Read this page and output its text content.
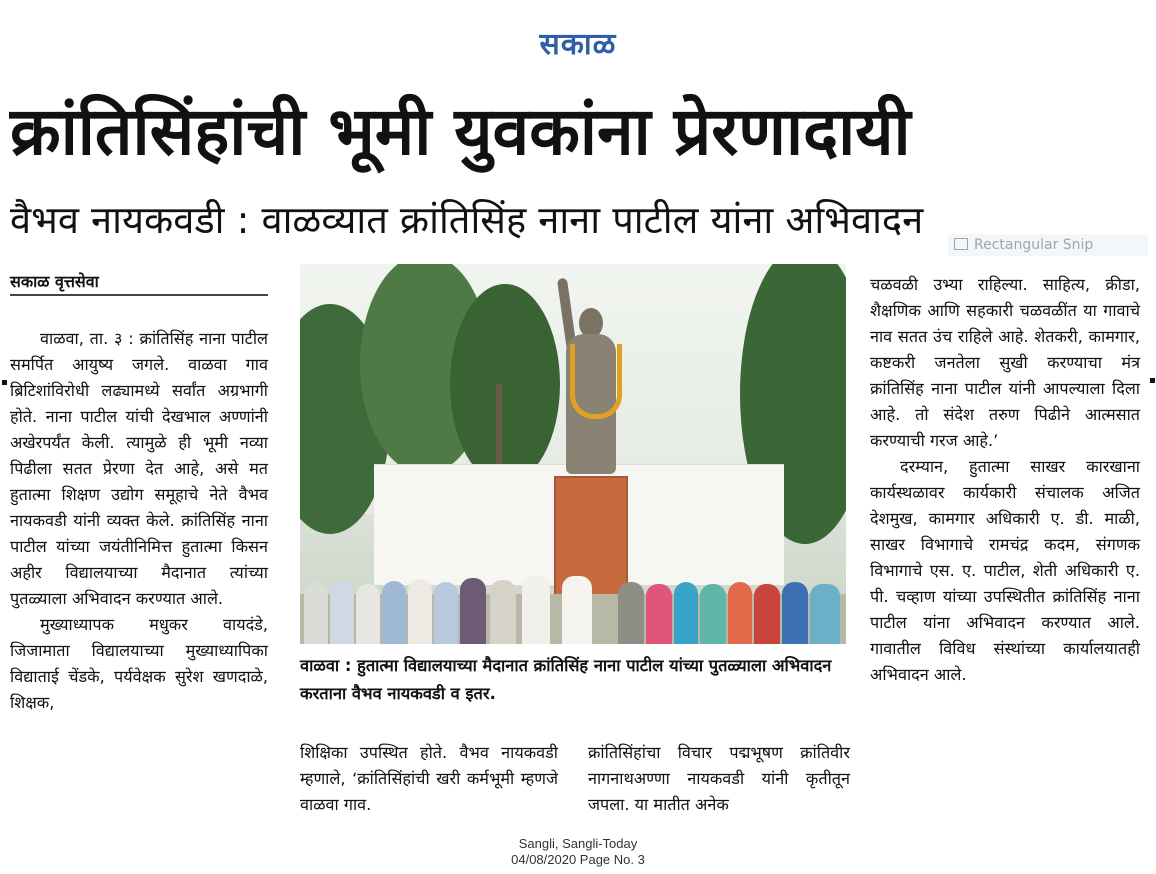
सकाळ
क्रांतिसिंहांची भूमी युवकांना प्रेरणादायी
वैभव नायकवडी : वाळव्यात क्रांतिसिंह नाना पाटील यांना अभिवादन
Rectangular Snip
सकाळ वृत्तसेवा

वाळवा, ता. ३ : क्रांतिसिंह नाना पाटील समर्पित आयुष्य जगले. वाळवा गाव ब्रिटिशांविरोधी लढ्यामध्ये सर्वांत अग्रभागी होते. नाना पाटील यांची देखभाल अण्णांनी अखेरपर्यंत केली. त्यामुळे ही भूमी नव्या पिढीला सतत प्रेरणा देत आहे, असे मत हुतात्मा शिक्षण उद्योग समूहाचे नेते वैभव नायकवडी यांनी व्यक्त केले. क्रांतिसिंह नाना पाटील यांच्या जयंतीनिमित्त हुतात्मा किसन अहीर विद्यालयाच्या मैदानात त्यांच्या पुतळ्याला अभिवादन करण्यात आले.

मुख्याध्यापक मधुकर वायदंडे, जिजामाता विद्यालयाच्या मुख्याध्यापिका विद्याताई चेंडके, पर्यवेक्षक सुरेश खणदाळे, शिक्षक,

वाळवा : हुतात्मा विद्यालयाच्या मैदानात क्रांतिसिंह नाना पाटील यांच्या पुतळ्याला अभिवादन करताना वैभव नायकवडी व इतर.

शिक्षिका उपस्थित होते. वैभव नायकवडी म्हणाले, ‘क्रांतिसिंहांची खरी कर्मभूमी म्हणजे वाळवा गाव.

क्रांतिसिंहांचा विचार पद्मभूषण क्रांतिवीर नागनाथअण्णा नायकवडी यांनी कृतीतून जपला. या मातीत अनेक

चळवळी उभ्या राहिल्या. साहित्य, क्रीडा, शैक्षणिक आणि सहकारी चळवळींत या गावाचे नाव सतत उंच राहिले आहे. शेतकरी, कामगार, कष्टकरी जनतेला सुखी करण्याचा मंत्र क्रांतिसिंह नाना पाटील यांनी आपल्याला दिला आहे. तो संदेश तरुण पिढीने आत्मसात करण्याची गरज आहे.’

दरम्यान, हुतात्मा साखर कारखाना कार्यस्थळावर कार्यकारी संचालक अजित देशमुख, कामगार अधिकारी ए. डी. माळी, साखर विभागाचे रामचंद्र कदम, संगणक विभागाचे एस. ए. पाटील, शेती अधिकारी ए. पी. चव्हाण यांच्या उपस्थितीत क्रांतिसिंह नाना पाटील यांना अभिवादन करण्यात आले. गावातील विविध संस्थांच्या कार्यालयातही अभिवादन आले.

Sangli, Sangli-Today
04/08/2020 Page No. 3
